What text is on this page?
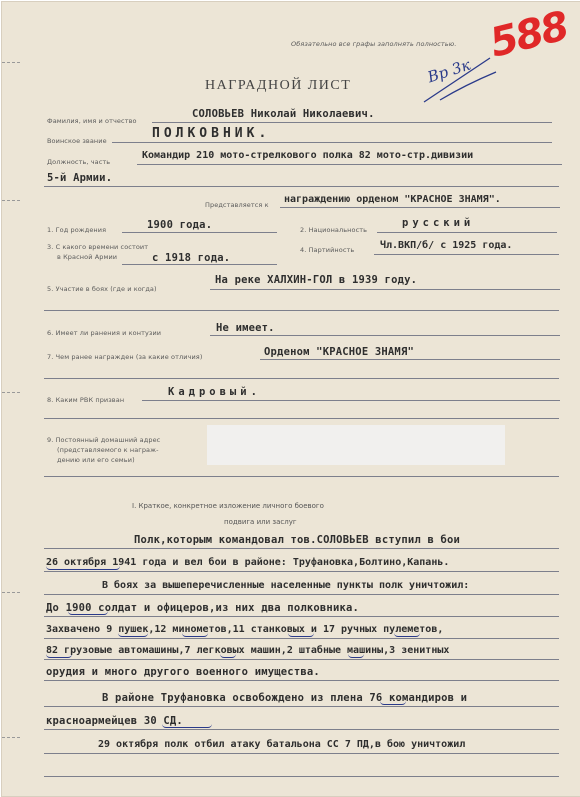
Обязательно все графы заполнять полностью. 588
Вр 3к
НАГРАДНОЙ ЛИСТ
Фамилия, имя и отчество
СОЛОВЬЕВ Николай Николаевич.
Воинское звание	ПОЛКОВНИК.
Должность, часть
Командир 210 мото-стрелкового полка 82 мото-стр.дивизии
5-й Армии.
Представляется к награждению орденом "КРАСНОЕ ЗНАМЯ".
1. Год рождения	1900 года.	2. Национальность
русский
3. С какого времени состоит
в Красной Армии	с 1918 года.
4. Партийность	Чл.ВКП/б/ с 1925 года.
5. Участие в боях (где и когда)
На реке ХАЛХИН-ГОЛ в 1939 году.
6. Имеет ли ранения и контузии	Не имеет.
7. Чем ранее награжден (за какие отличия)	Орденом "КРАСНОЕ ЗНАМЯ"
8. Каким РВК призван
Кадровый.
9. Постоянный домашний адрес
(представляемого к награж-
дению или его семьи)
I. Краткое, конкретное изложение личного боевого
подвига или заслуг
Полк,которым командовал тов.СОЛОВЬЕВ вступил в бои
26 октября 1941 года и вел бои в районе: Труфановка,Болтино,Капань.
В боях за вышеперечисленные населенные пункты полк уничтожил:
До 1900 солдат и офицеров,из них два полковника.
Захвачено 9 пушек,12 минометов,11 станковых и 17 ручных пулеметов,
82 грузовые автомашины,7 легковых машин,2 штабные машины,3 зенитных
орудия и много другого военного имущества.
В районе Труфановка освобождено из плена 76 командиров и
красноармейцев 30 СД.
29 октября полк отбил атаку батальона СС 7 ПД,в бою уничтожил
